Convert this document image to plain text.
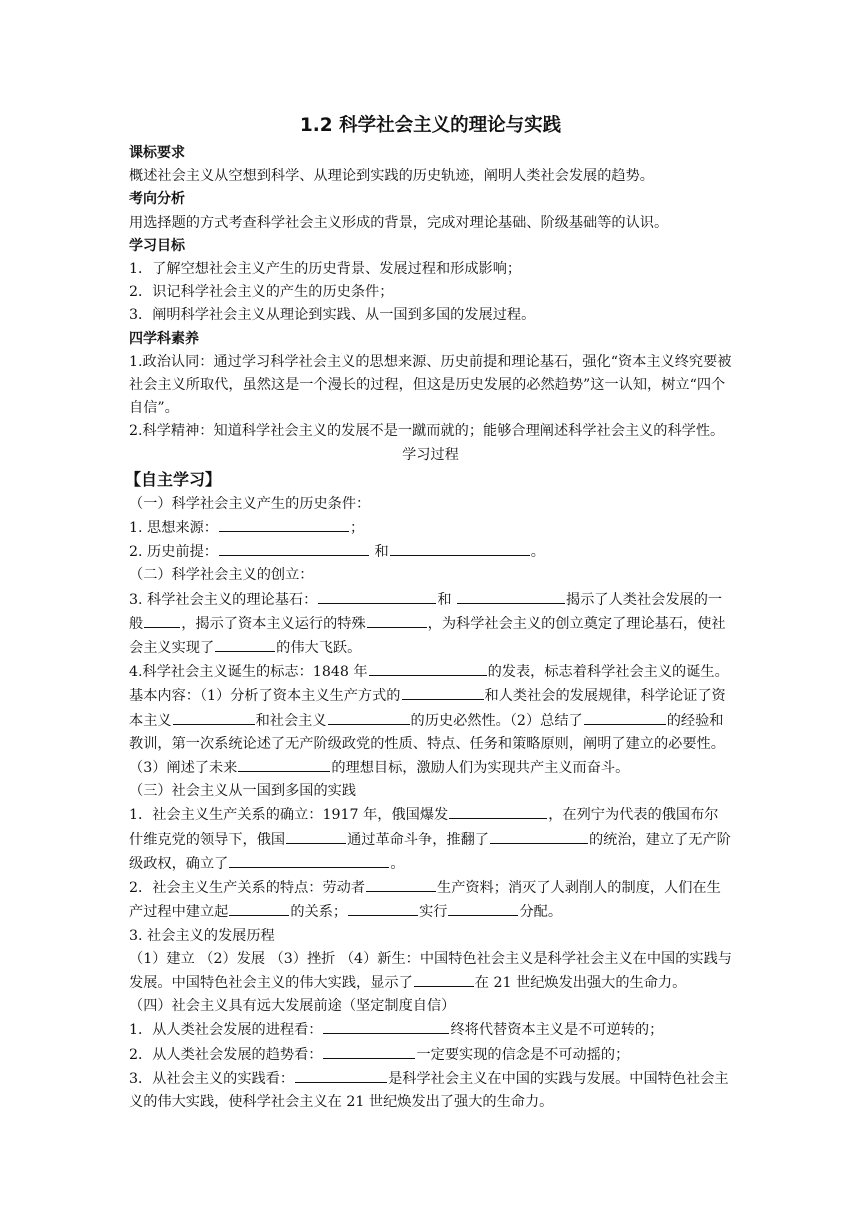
1.2 科学社会主义的理论与实践
课标要求
概述社会主义从空想到科学、从理论到实践的历史轨迹，阐明人类社会发展的趋势。
考向分析
用选择题的方式考查科学社会主义形成的背景，完成对理论基础、阶级基础等的认识。
学习目标
1．了解空想社会主义产生的历史背景、发展过程和形成影响；
2．识记科学社会主义的产生的历史条件；
3．阐明科学社会主义从理论到实践、从一国到多国的发展过程。
四学科素养
1.政治认同：通过学习科学社会主义的思想来源、历史前提和理论基石，强化“资本主义终究要被社会主义所取代，虽然这是一个漫长的过程，但这是历史发展的必然趋势”这一认知，树立“四个自信”。
2.科学精神：知道科学社会主义的发展不是一蹴而就的；能够合理阐述科学社会主义的科学性。
学习过程
【自主学习】
（一）科学社会主义产生的历史条件：
1. 思想来源：	；
2. 历史前提：	和	。
（二）科学社会主义的创立：
3. 科学社会主义的理论基石：	和	揭示了人类社会发展的一般	，揭示了资本主义运行的特殊	，为科学社会主义的创立奠定了理论基石，使社会主义实现了	的伟大飞跃。
4.科学社会主义诞生的标志：1848 年	的发表，标志着科学社会主义的诞生。基本内容：（1）分析了资本主义生产方式的	和人类社会的发展规律，科学论证了资本主义	和社会主义	的历史必然性。（2）总结了	的经验和教训，第一次系统论述了无产阶级政党的性质、特点、任务和策略原则，阐明了建立的必要性。（3）阐述了未来	的理想目标，激励人们为实现共产主义而奋斗。
（三）社会主义从一国到多国的实践
1．社会主义生产关系的确立：1917 年，俄国爆发	，在列宁为代表的俄国布尔什维克党的领导下，俄国	通过革命斗争，推翻了	的统治，建立了无产阶级政权，确立了	。
2．社会主义生产关系的特点：劳动者	生产资料；消灭了人剥削人的制度，人们在生产过程中建立起	的关系；	实行	分配。
3. 社会主义的发展历程
（1）建立 （2）发展 （3）挫折 （4）新生：中国特色社会主义是科学社会主义在中国的实践与发展。中国特色社会主义的伟大实践，显示了	在 21 世纪焕发出强大的生命力。
（四）社会主义具有远大发展前途（坚定制度自信）
1．从人类社会发展的进程看：	终将代替资本主义是不可逆转的；
2．从人类社会发展的趋势看：	一定要实现的信念是不可动摇的；
3．从社会主义的实践看：	是科学社会主义在中国的实践与发展。中国特色社会主义的伟大实践，使科学社会主义在 21 世纪焕发出了强大的生命力。
